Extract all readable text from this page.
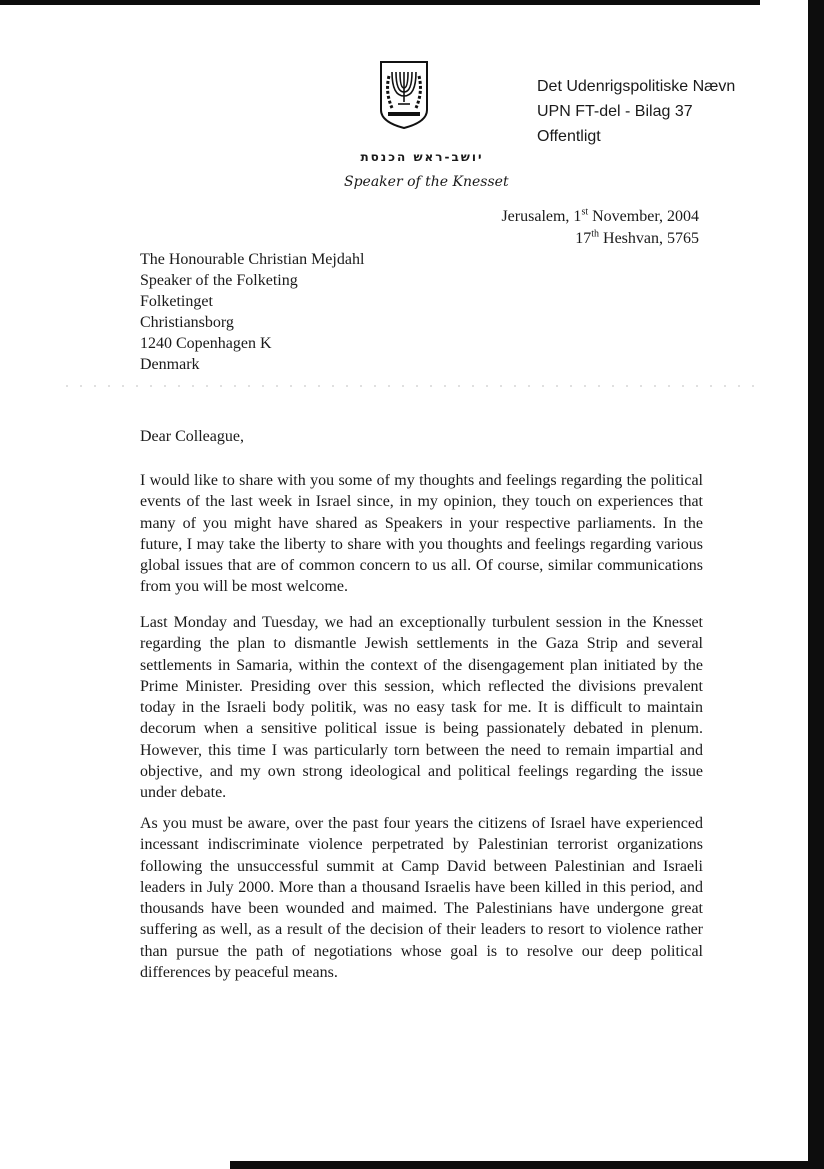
Det Udenrigspolitiske Nævn
UPN FT-del - Bilag 37
Offentligt
יושב-ראש הכנסת
Speaker of the Knesset
Jerusalem, 1st November, 2004
17th Heshvan, 5765
The Honourable Christian Mejdahl
Speaker of the Folketing
Folketinget
Christiansborg
1240 Copenhagen K
Denmark
Dear Colleague,
I would like to share with you some of my thoughts and feelings regarding the political events of the last week in Israel since, in my opinion, they touch on experiences that many of you might have shared as Speakers in your respective parliaments. In the future, I may take the liberty to share with you thoughts and feelings regarding various global issues that are of common concern to us all. Of course, similar communications from you will be most welcome.
Last Monday and Tuesday, we had an exceptionally turbulent session in the Knesset regarding the plan to dismantle Jewish settlements in the Gaza Strip and several settlements in Samaria, within the context of the disengagement plan initiated by the Prime Minister. Presiding over this session, which reflected the divisions prevalent today in the Israeli body politik, was no easy task for me. It is difficult to maintain decorum when a sensitive political issue is being passionately debated in plenum. However, this time I was particularly torn between the need to remain impartial and objective, and my own strong ideological and political feelings regarding the issue under debate.
As you must be aware, over the past four years the citizens of Israel have experienced incessant indiscriminate violence perpetrated by Palestinian terrorist organizations following the unsuccessful summit at Camp David between Palestinian and Israeli leaders in July 2000. More than a thousand Israelis have been killed in this period, and thousands have been wounded and maimed. The Palestinians have undergone great suffering as well, as a result of the decision of their leaders to resort to violence rather than pursue the path of negotiations whose goal is to resolve our deep political differences by peaceful means.
